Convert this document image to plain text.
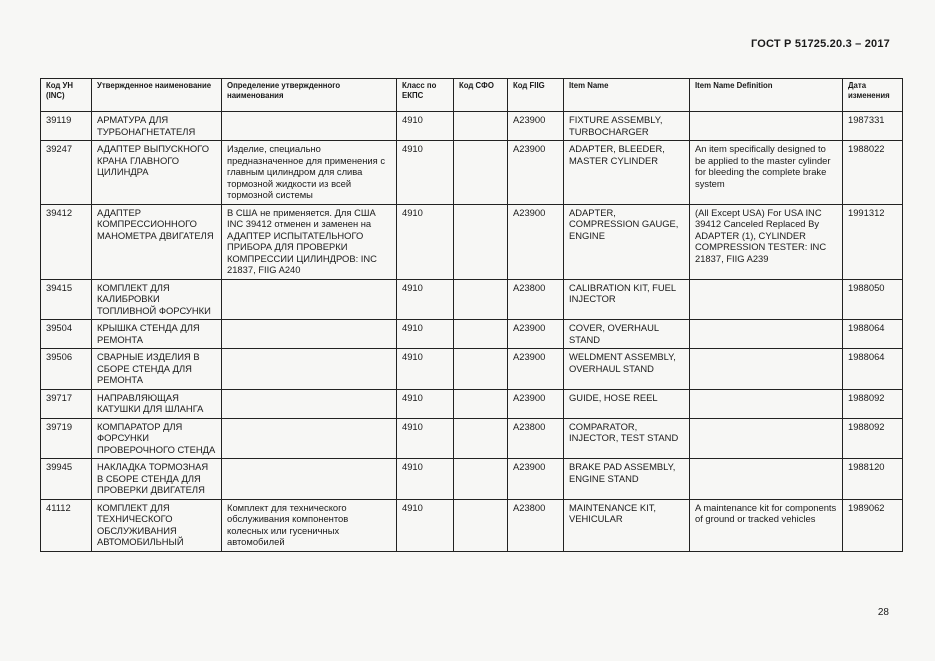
ГОСТ Р 51725.20.3 – 2017
Код УН (INC)	Утвержденное наименование	Определение утвержденного наименования	Класс по ЕКПС	Код СФО	Код FIIG	Item Name	Item Name Definition	Дата изменения
39119	АРМАТУРА ДЛЯ ТУРБОНАГНЕТАТЕЛЯ		4910		A23900	FIXTURE ASSEMBLY, TURBOCHARGER		1987331
39247	АДАПТЕР ВЫПУСКНОГО КРАНА ГЛАВНОГО ЦИЛИНДРА	Изделие, специально предназначенное для применения с главным цилиндром для слива тормозной жидкости из всей тормозной системы	4910		A23900	ADAPTER, BLEEDER, MASTER CYLINDER	An item specifically designed to be applied to the master cylinder for bleeding the complete brake system	1988022
39412	АДАПТЕР КОМПРЕССИОННОГО МАНОМЕТРА ДВИГАТЕЛЯ	В США не применяется. Для США INC 39412 отменен и заменен на АДАПТЕР ИСПЫТАТЕЛЬНОГО ПРИБОРА ДЛЯ ПРОВЕРКИ КОМПРЕССИИ ЦИЛИНДРОВ: INC 21837, FIIG A240	4910		A23900	ADAPTER, COMPRESSION GAUGE, ENGINE	(All Except USA) For USA INC 39412 Canceled Replaced By ADAPTER (1), CYLINDER COMPRESSION TESTER: INC 21837, FIIG A239	1991312
39415	КОМПЛЕКТ ДЛЯ КАЛИБРОВКИ ТОПЛИВНОЙ ФОРСУНКИ		4910		A23800	CALIBRATION KIT, FUEL INJECTOR		1988050
39504	КРЫШКА СТЕНДА ДЛЯ РЕМОНТА		4910		A23900	COVER, OVERHAUL STAND		1988064
39506	СВАРНЫЕ ИЗДЕЛИЯ В СБОРЕ СТЕНДА ДЛЯ РЕМОНТА		4910		A23900	WELDMENT ASSEMBLY, OVERHAUL STAND		1988064
39717	НАПРАВЛЯЮЩАЯ КАТУШКИ ДЛЯ ШЛАНГА		4910		A23900	GUIDE, HOSE REEL		1988092
39719	КОМПАРАТОР ДЛЯ ФОРСУНКИ ПРОВЕРОЧНОГО СТЕНДА		4910		A23800	COMPARATOR, INJECTOR, TEST STAND		1988092
39945	НАКЛАДКА ТОРМОЗНАЯ В СБОРЕ СТЕНДА ДЛЯ ПРОВЕРКИ ДВИГАТЕЛЯ		4910		A23900	BRAKE PAD ASSEMBLY, ENGINE STAND		1988120
41112	КОМПЛЕКТ ДЛЯ ТЕХНИЧЕСКОГО ОБСЛУЖИВАНИЯ АВТОМОБИЛЬНЫЙ	Комплект для технического обслуживания компонентов колесных или гусеничных автомобилей	4910		A23800	MAINTENANCE KIT, VEHICULAR	A maintenance kit for components of ground or tracked vehicles	1989062
28
